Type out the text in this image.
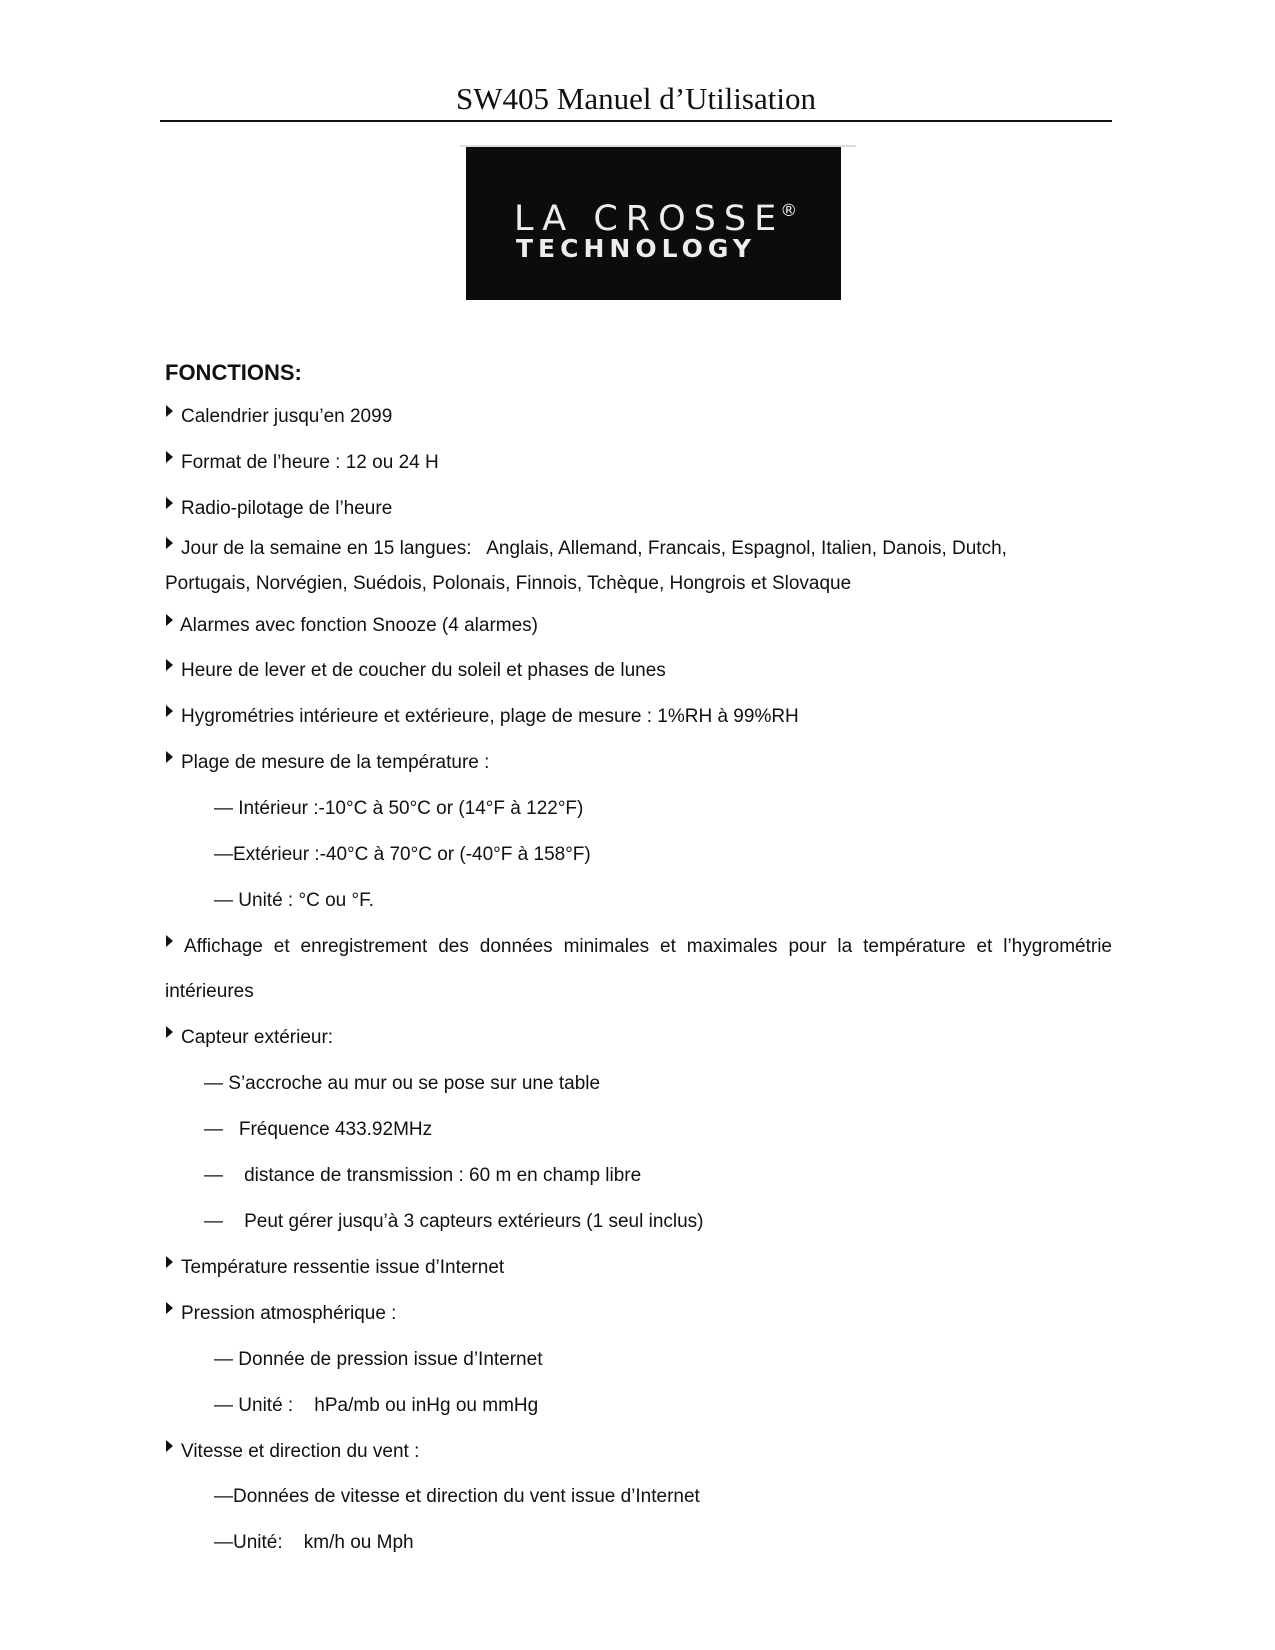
SW405 Manuel d’Utilisation
LA CROSSE®
TECHNOLOGY
FONCTIONS:
Calendrier jusqu’en 2099
Format de l’heure : 12 ou 24 H
Radio-pilotage de l’heure
Jour de la semaine en 15 langues:   Anglais, Allemand, Francais, Espagnol, Italien, Danois, Dutch,
Portugais, Norvégien, Suédois, Polonais, Finnois, Tchèque, Hongrois et Slovaque
Alarmes avec fonction Snooze (4 alarmes)
Heure de lever et de coucher du soleil et phases de lunes
Hygrométries intérieure et extérieure, plage de mesure : 1%RH à 99%RH
Plage de mesure de la température :
— Intérieur :-10°C à 50°C or (14°F à 122°F)
—Extérieur :-40°C à 70°C or (-40°F à 158°F)
— Unité : °C ou °F.
Affichage et enregistrement des données minimales et maximales pour la température et l’hygrométrie
intérieures
Capteur extérieur:
— S’accroche au mur ou se pose sur une table
—   Fréquence 433.92MHz
—    distance de transmission : 60 m en champ libre
—    Peut gérer jusqu’à 3 capteurs extérieurs (1 seul inclus)
Température ressentie issue d’Internet
Pression atmosphérique :
— Donnée de pression issue d’Internet
— Unité :    hPa/mb ou inHg ou mmHg
Vitesse et direction du vent :
—Données de vitesse et direction du vent issue d’Internet
—Unité:    km/h ou Mph
